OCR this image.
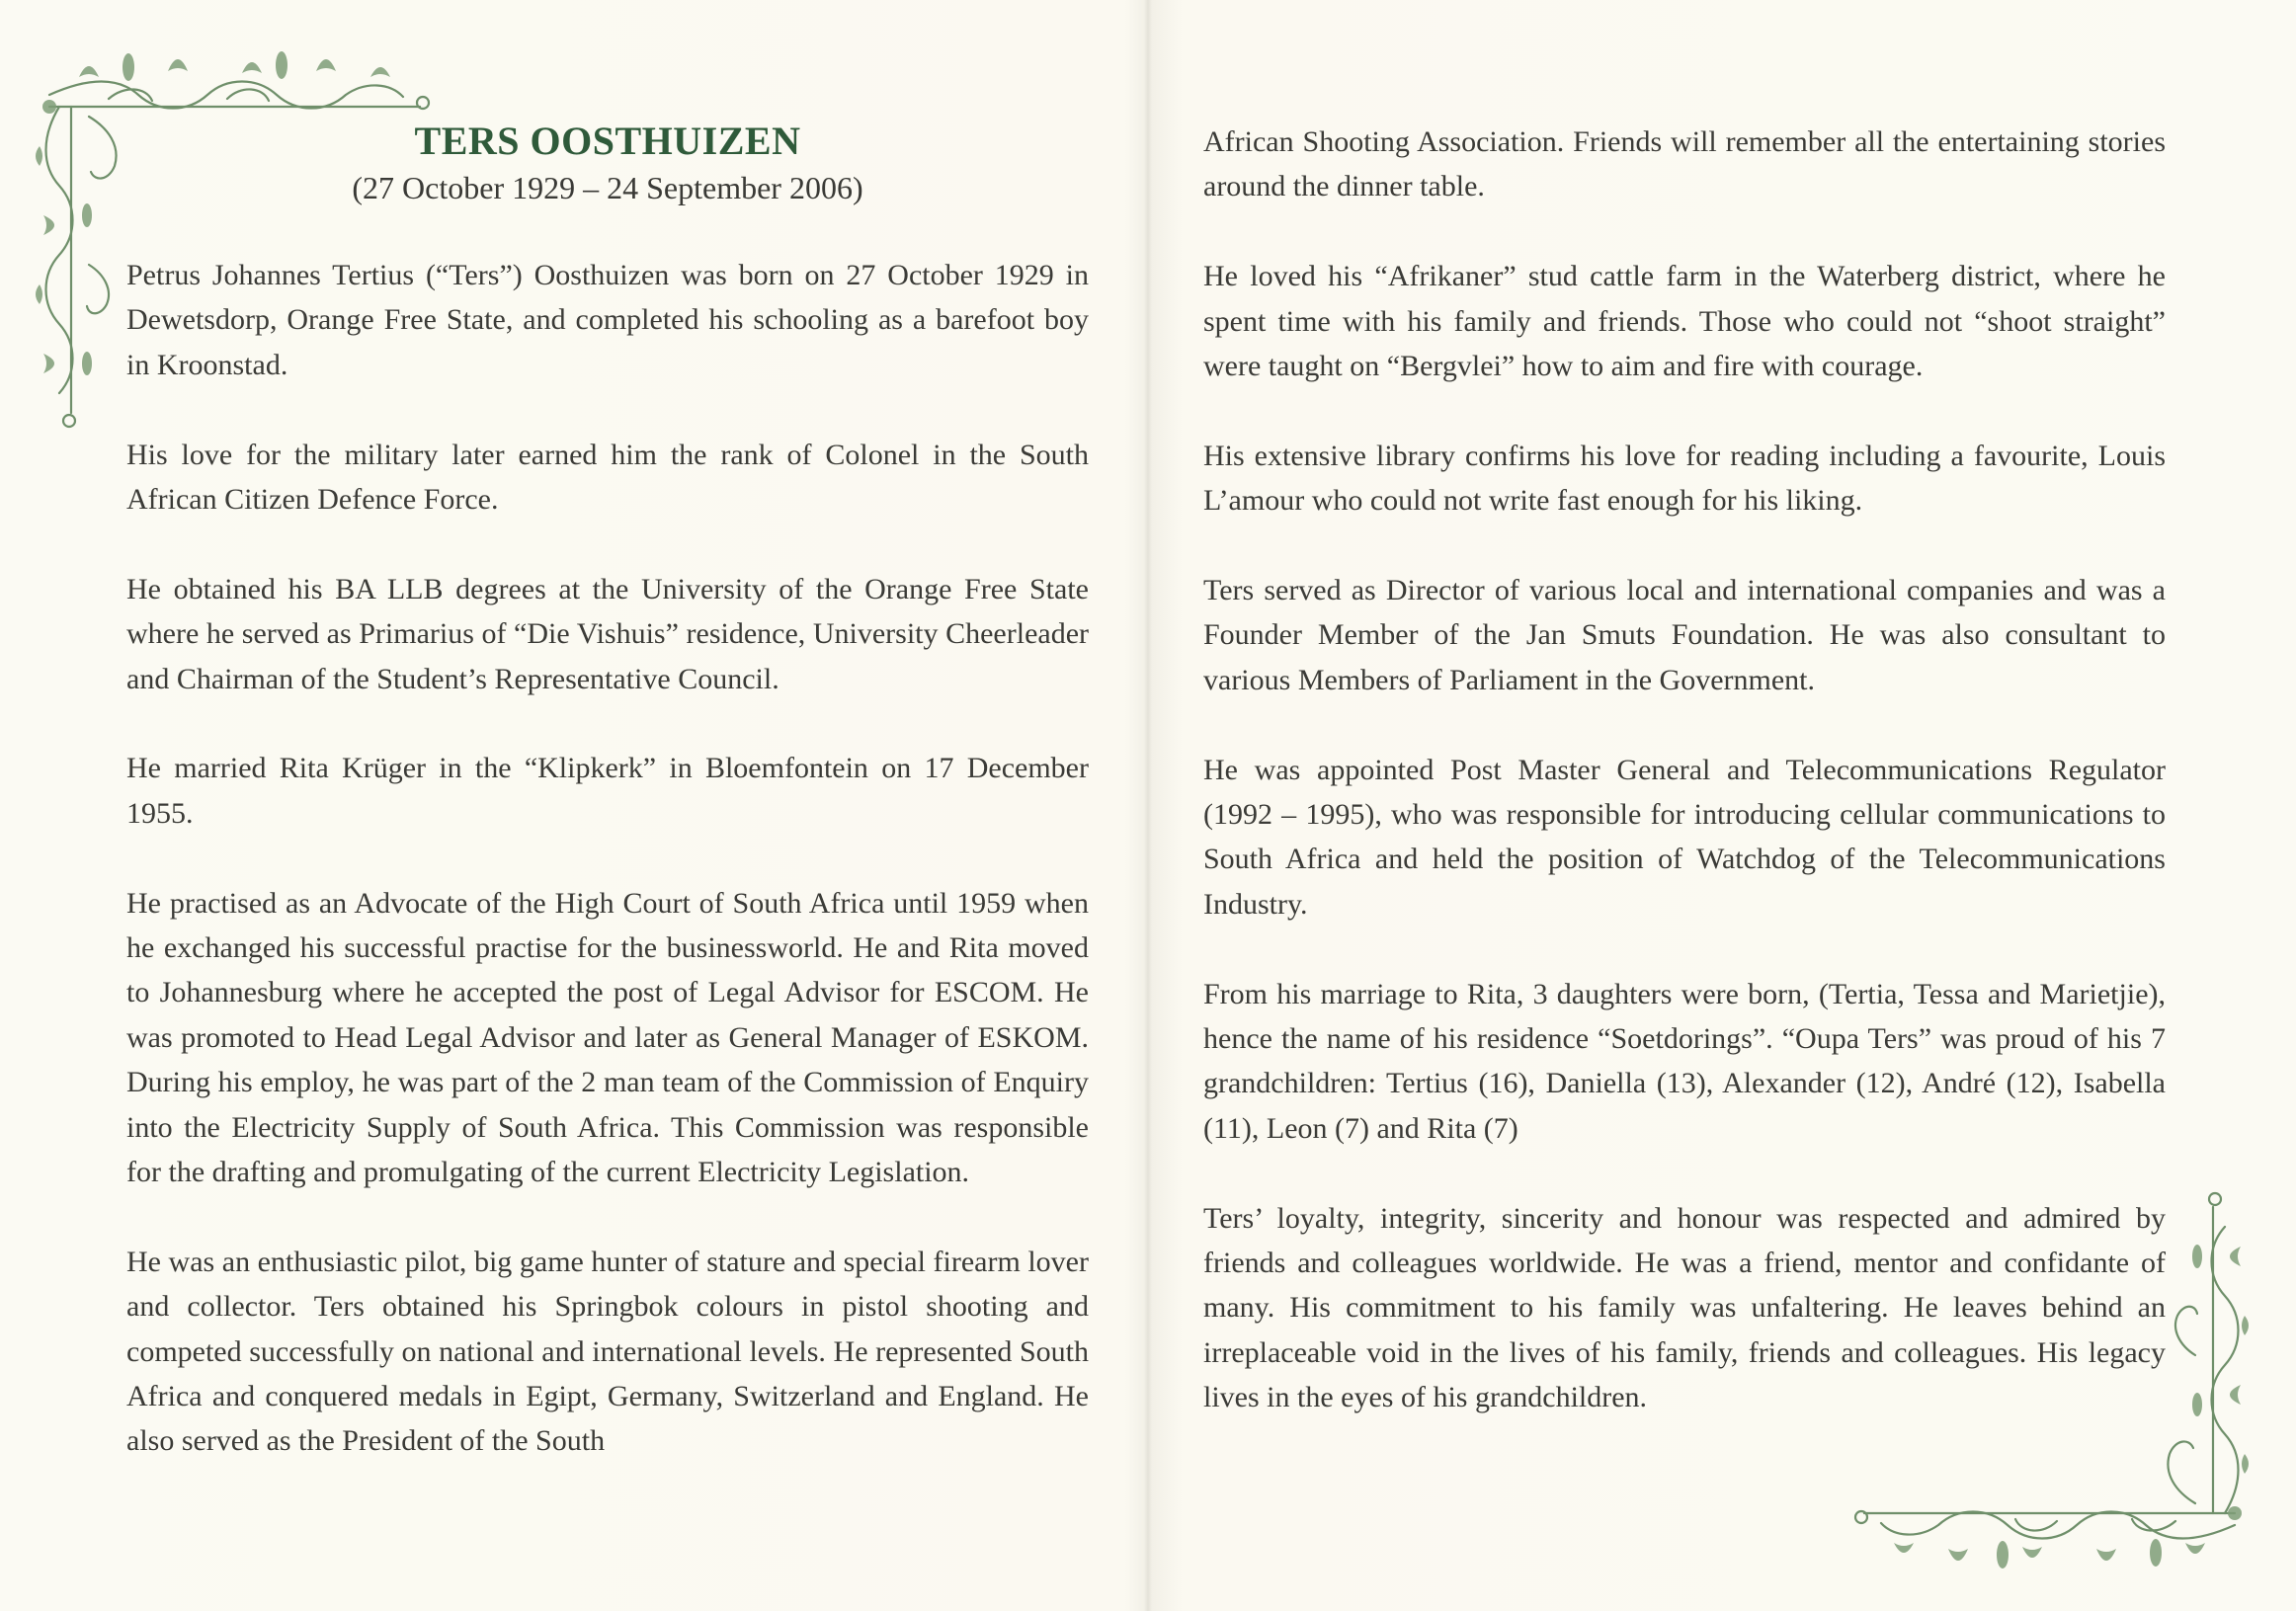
TERS OOSTHUIZEN

(27 October 1929 – 24 September 2006)

Petrus Johannes Tertius (“Ters”) Oosthuizen was born on 27 October 1929 in Dewetsdorp, Orange Free State, and completed his schooling as a barefoot boy in Kroonstad.

His love for the military later earned him the rank of Colonel in the South African Citizen Defence Force.

He obtained his BA LLB degrees at the University of the Orange Free State where he served as Primarius of “Die Vishuis” residence, University Cheerleader and Chairman of the Student’s Representative Council.

He married Rita Krüger in the “Klipkerk” in Bloemfontein on 17 December 1955.

He practised as an Advocate of the High Court of South Africa until 1959 when he exchanged his successful practise for the businessworld. He and Rita moved to Johannesburg where he accepted the post of Legal Advisor for ESCOM. He was promoted to Head Legal Advisor and later as General Manager of ESKOM. During his employ, he was part of the 2 man team of the Commission of Enquiry into the Electricity Supply of South Africa. This Commission was responsible for the drafting and promulgating of the current Electricity Legislation.

He was an enthusiastic pilot, big game hunter of stature and special firearm lover and collector. Ters obtained his Springbok colours in pistol shooting and competed successfully on national and international levels. He represented South Africa and conquered medals in Egipt, Germany, Switzerland and England. He also served as the President of the South

African Shooting Association. Friends will remember all the entertaining stories around the dinner table.

He loved his “Afrikaner” stud cattle farm in the Waterberg district, where he spent time with his family and friends. Those who could not “shoot straight” were taught on “Bergvlei” how to aim and fire with courage.

His extensive library confirms his love for reading including a favourite, Louis L’amour who could not write fast enough for his liking.

Ters served as Director of various local and international companies and was a Founder Member of the Jan Smuts Foundation. He was also consultant to various Members of Parliament in the Government.

He was appointed Post Master General and Telecommunications Regulator (1992 – 1995), who was responsible for introducing cellular communications to South Africa and held the position of Watchdog of the Telecommunications Industry.

From his marriage to Rita, 3 daughters were born, (Tertia, Tessa and Marietjie), hence the name of his residence “Soetdorings”. “Oupa Ters” was proud of his 7 grandchildren: Tertius (16), Daniella (13), Alexander (12), André (12), Isabella (11), Leon (7) and Rita (7)

Ters’ loyalty, integrity, sincerity and honour was respected and admired by friends and colleagues worldwide. He was a friend, mentor and confidante of many. His commitment to his family was unfaltering. He leaves behind an irreplaceable void in the lives of his family, friends and colleagues. His legacy lives in the eyes of his grandchildren.
